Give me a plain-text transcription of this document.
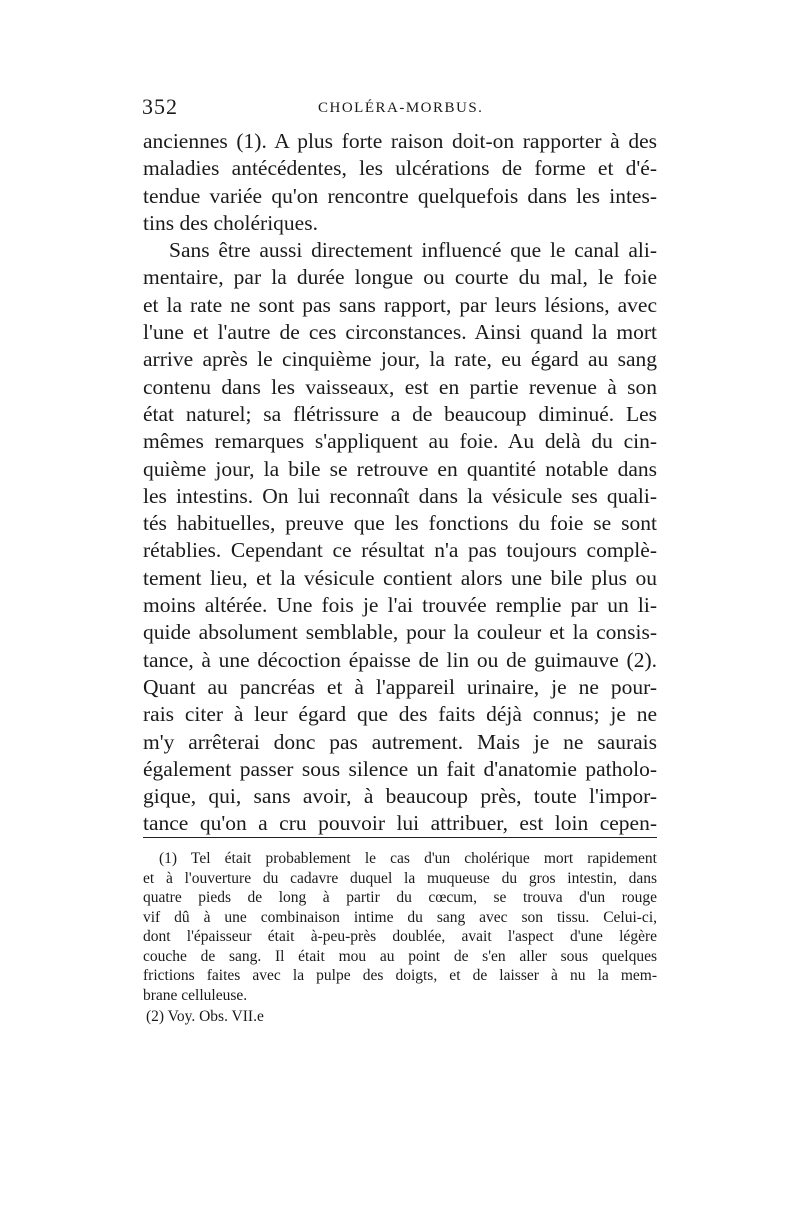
352	CHOLÉRA-MORBUS.
anciennes (1). A plus forte raison doit-on rapporter à des
maladies antécédentes, les ulcérations de forme et d'é-
tendue variée qu'on rencontre quelquefois dans les intes-
tins des cholériques.
Sans être aussi directement influencé que le canal ali-
mentaire, par la durée longue ou courte du mal, le foie
et la rate ne sont pas sans rapport, par leurs lésions, avec
l'une et l'autre de ces circonstances. Ainsi quand la mort
arrive après le cinquième jour, la rate, eu égard au sang
contenu dans les vaisseaux, est en partie revenue à son
état naturel; sa flétrissure a de beaucoup diminué. Les
mêmes remarques s'appliquent au foie. Au delà du cin-
quième jour, la bile se retrouve en quantité notable dans
les intestins. On lui reconnaît dans la vésicule ses quali-
tés habituelles, preuve que les fonctions du foie se sont
rétablies. Cependant ce résultat n'a pas toujours complè-
tement lieu, et la vésicule contient alors une bile plus ou
moins altérée. Une fois je l'ai trouvée remplie par un li-
quide absolument semblable, pour la couleur et la consis-
tance, à une décoction épaisse de lin ou de guimauve (2).
Quant au pancréas et à l'appareil urinaire, je ne pour-
rais citer à leur égard que des faits déjà connus; je ne
m'y arrêterai donc pas autrement. Mais je ne saurais
également passer sous silence un fait d'anatomie patholo-
gique, qui, sans avoir, à beaucoup près, toute l'impor-
tance qu'on a cru pouvoir lui attribuer, est loin cepen-
(1) Tel était probablement le cas d'un cholérique mort rapidement
et à l'ouverture du cadavre duquel la muqueuse du gros intestin, dans
quatre pieds de long à partir du cœcum, se trouva d'un rouge
vif dû à une combinaison intime du sang avec son tissu. Celui-ci,
dont l'épaisseur était à-peu-près doublée, avait l'aspect d'une légère
couche de sang. Il était mou au point de s'en aller sous quelques
frictions faites avec la pulpe des doigts, et de laisser à nu la mem-
brane celluleuse.
(2) Voy. Obs. VII.e
